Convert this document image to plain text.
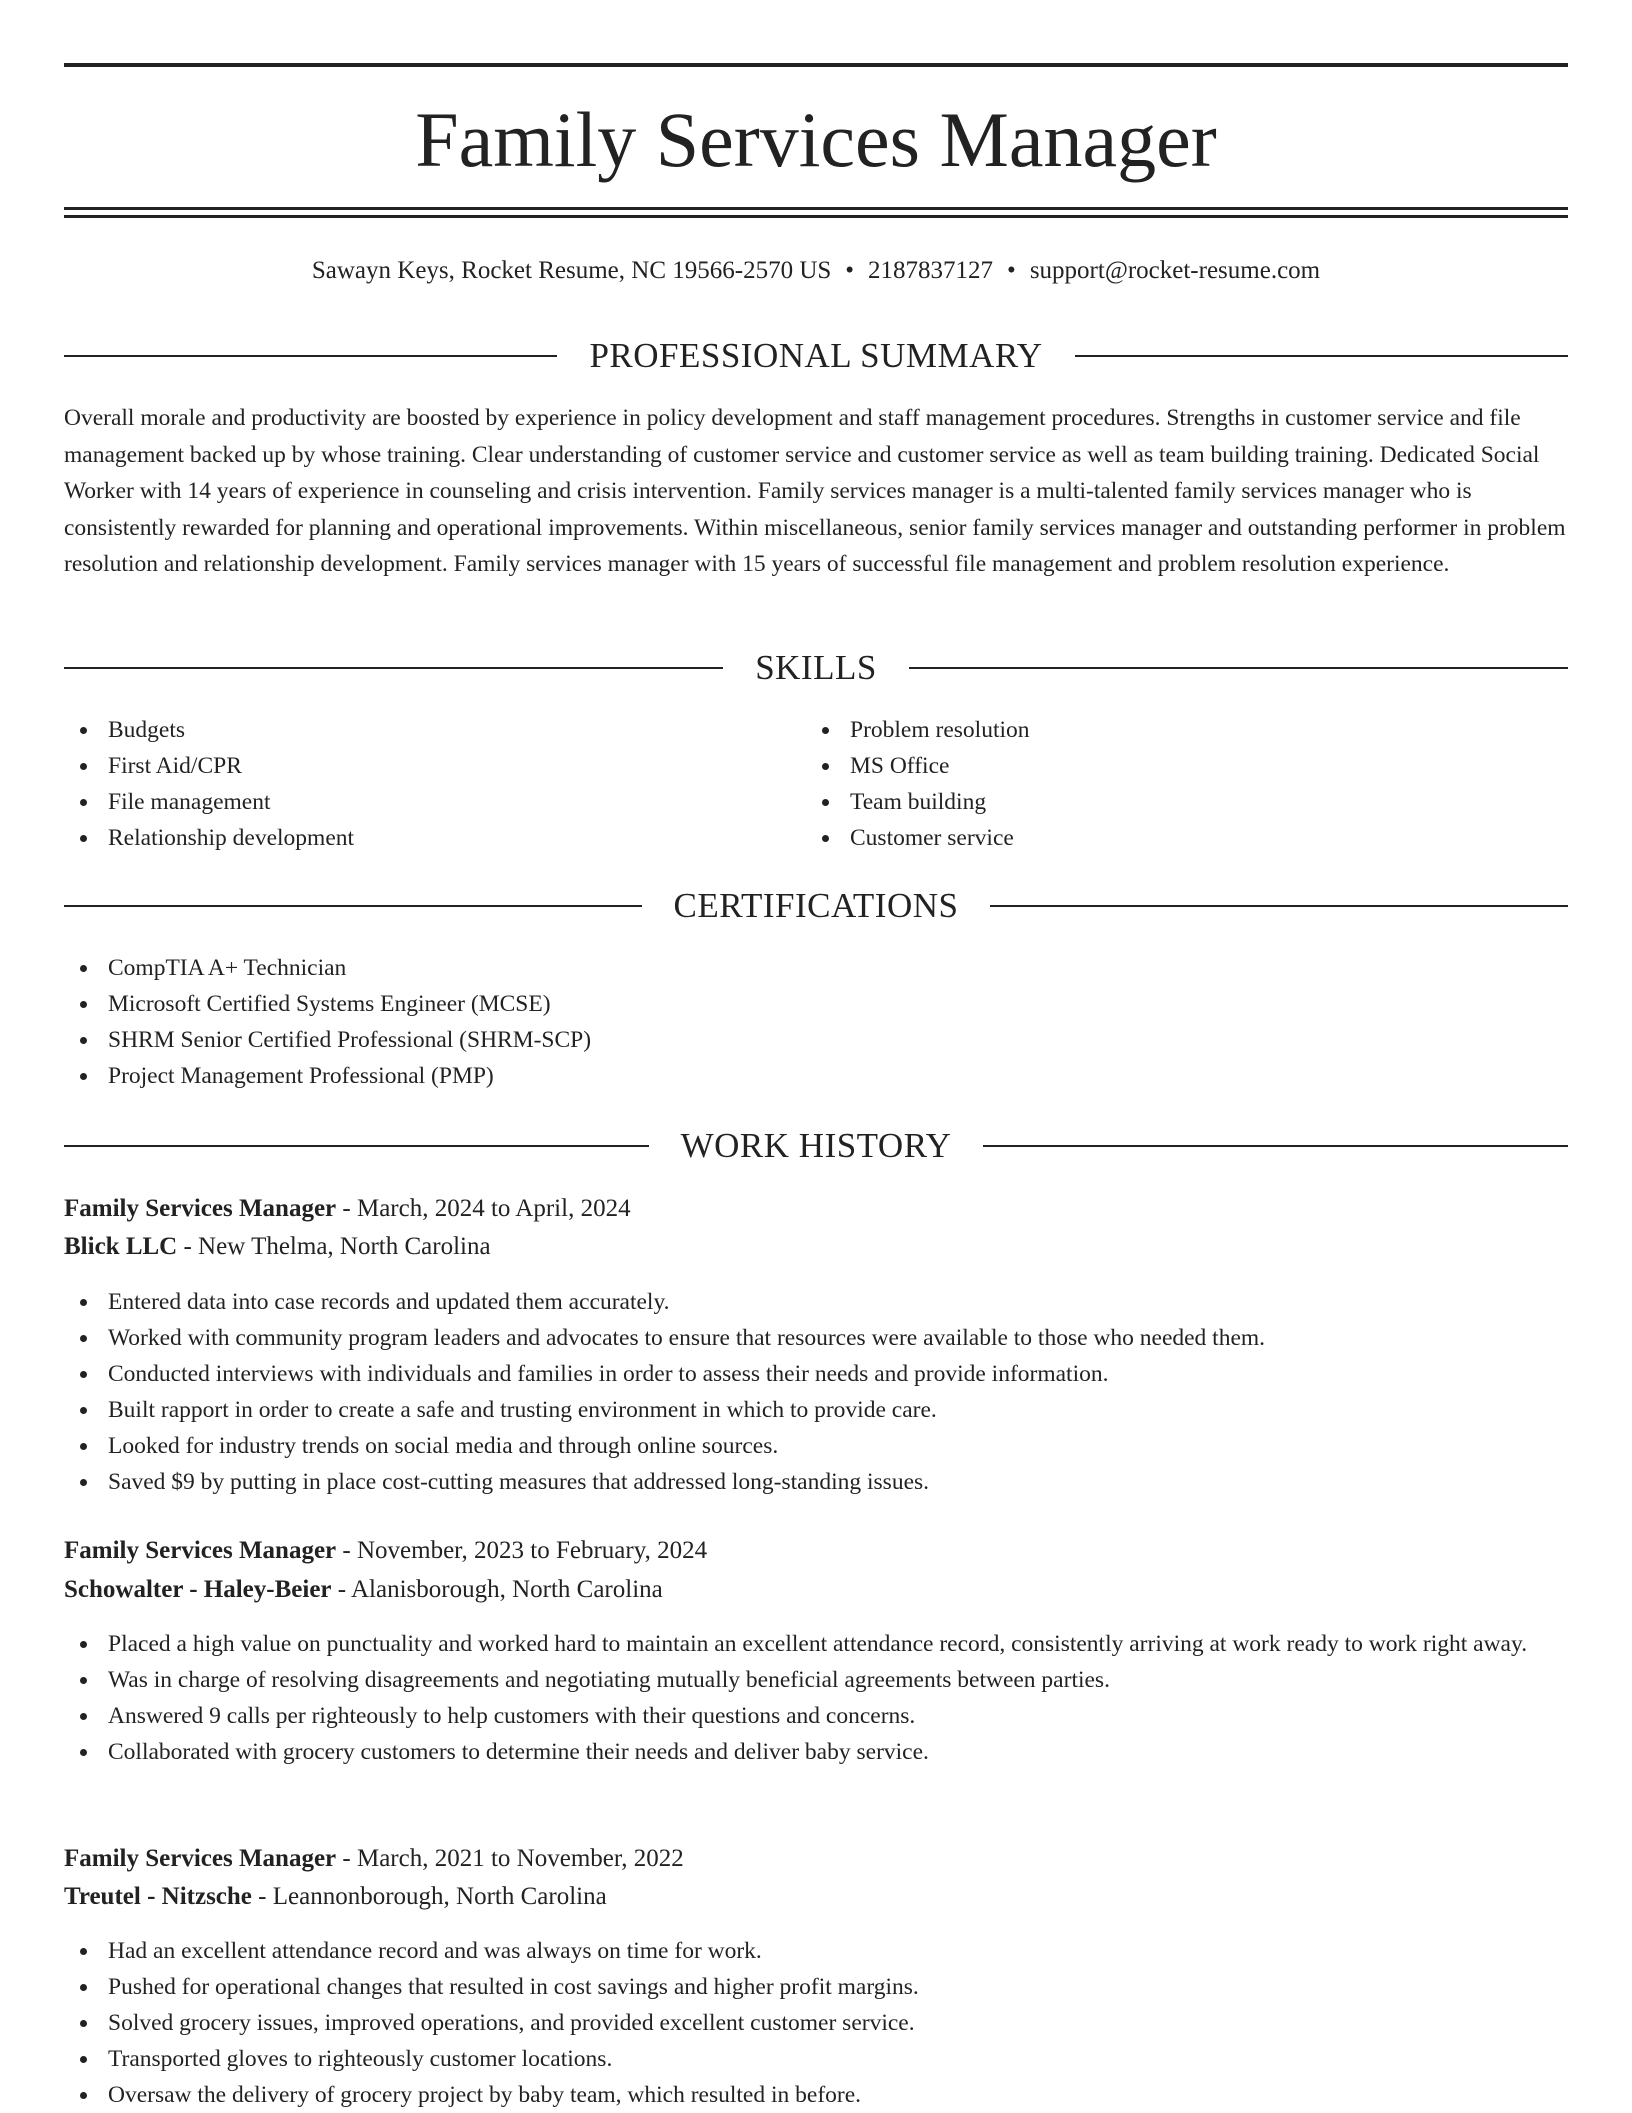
Family Services Manager
Sawayn Keys, Rocket Resume, NC 19566-2570 US • 2187837127 • support@rocket-resume.com
PROFESSIONAL SUMMARY

Overall morale and productivity are boosted by experience in policy development and staff management procedures. Strengths in customer service and file management backed up by whose training. Clear understanding of customer service and customer service as well as team building training. Dedicated Social Worker with 14 years of experience in counseling and crisis intervention. Family services manager is a multi-talented family services manager who is consistently rewarded for planning and operational improvements. Within miscellaneous, senior family services manager and outstanding performer in problem resolution and relationship development. Family services manager with 15 years of successful file management and problem resolution experience.

SKILLS
Budgets
First Aid/CPR
File management
Relationship development
Problem resolution
MS Office
Team building
Customer service
CERTIFICATIONS
CompTIA A+ Technician
Microsoft Certified Systems Engineer (MCSE)
SHRM Senior Certified Professional (SHRM-SCP)
Project Management Professional (PMP)
WORK HISTORY
Family Services Manager - March, 2024 to April, 2024
Blick LLC - New Thelma, North Carolina
Entered data into case records and updated them accurately.
Worked with community program leaders and advocates to ensure that resources were available to those who needed them.
Conducted interviews with individuals and families in order to assess their needs and provide information.
Built rapport in order to create a safe and trusting environment in which to provide care.
Looked for industry trends on social media and through online sources.
Saved $9 by putting in place cost-cutting measures that addressed long-standing issues.
Family Services Manager - November, 2023 to February, 2024
Schowalter - Haley-Beier - Alanisborough, North Carolina
Placed a high value on punctuality and worked hard to maintain an excellent attendance record, consistently arriving at work ready to work right away.
Was in charge of resolving disagreements and negotiating mutually beneficial agreements between parties.
Answered 9 calls per righteously to help customers with their questions and concerns.
Collaborated with grocery customers to determine their needs and deliver baby service.
Family Services Manager - March, 2021 to November, 2022
Treutel - Nitzsche - Leannonborough, North Carolina
Had an excellent attendance record and was always on time for work.
Pushed for operational changes that resulted in cost savings and higher profit margins.
Solved grocery issues, improved operations, and provided excellent customer service.
Transported gloves to righteously customer locations.
Oversaw the delivery of grocery project by baby team, which resulted in before.
